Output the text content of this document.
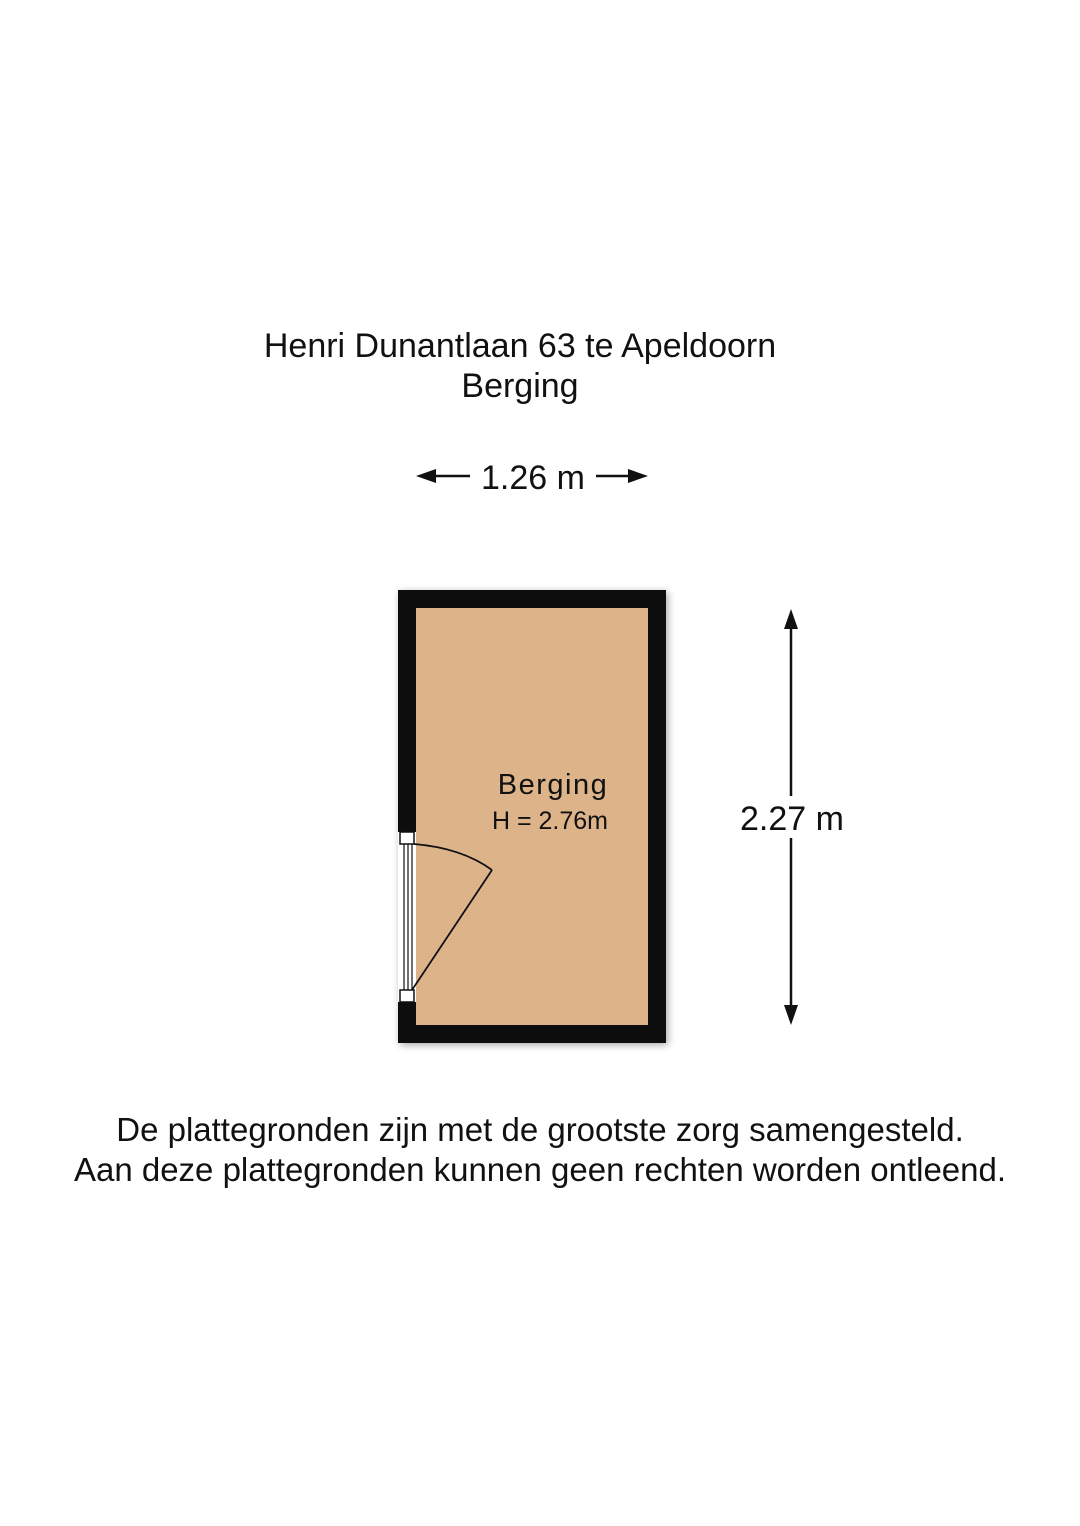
Henri Dunantlaan 63 te Apeldoorn
Berging
1.26 m
Berging
H = 2.76m	2.27 m
De plattegronden zijn met de grootste zorg samengesteld.
Aan deze plattegronden kunnen geen rechten worden ontleend.
